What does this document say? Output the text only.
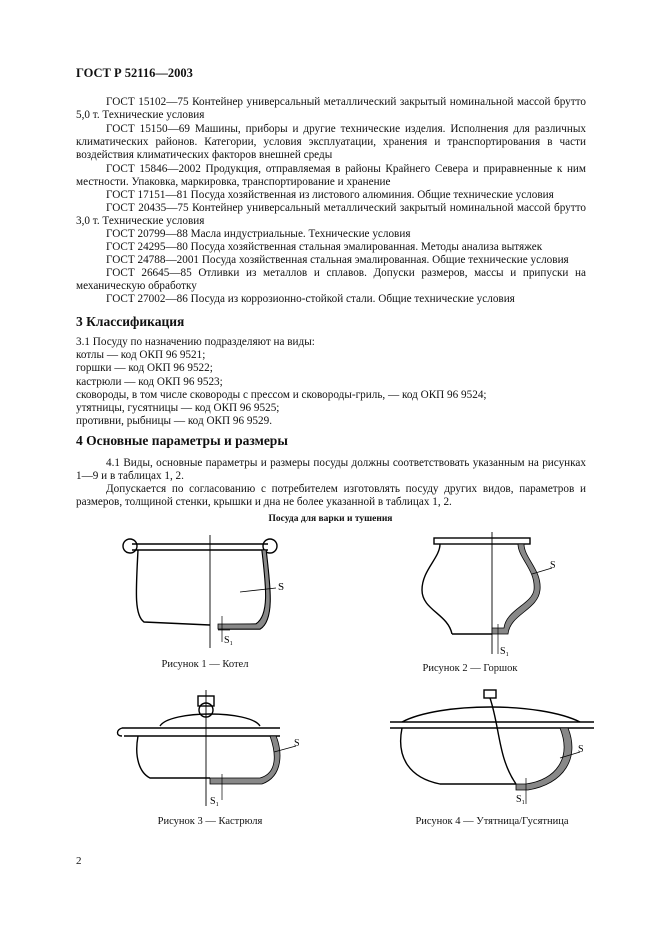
ГОСТ Р 52116—2003
ГОСТ 15102—75 Контейнер универсальный металлический закрытый номинальной массой брутто 5,0 т. Технические условия
ГОСТ 15150—69 Машины, приборы и другие технические изделия. Исполнения для различных климатических районов. Категории, условия эксплуатации, хранения и транспортирования в части воздействия климатических факторов внешней среды
ГОСТ 15846—2002 Продукция, отправляемая в районы Крайнего Севера и приравненные к ним местности. Упаковка, маркировка, транспортирование и хранение
ГОСТ 17151—81 Посуда хозяйственная из листового алюминия. Общие технические условия
ГОСТ 20435—75 Контейнер универсальный металлический закрытый номинальной массой брутто 3,0 т. Технические условия
ГОСТ 20799—88 Масла индустриальные. Технические условия
ГОСТ 24295—80 Посуда хозяйственная стальная эмалированная. Методы анализа вытяжек
ГОСТ 24788—2001 Посуда хозяйственная стальная эмалированная. Общие технические условия
ГОСТ 26645—85 Отливки из металлов и сплавов. Допуски размеров, массы и припуски на механическую обработку
ГОСТ 27002—86 Посуда из коррозионно-стойкой стали. Общие технические условия
3 Классификация
3.1 Посуду по назначению подразделяют на виды:
котлы — код ОКП 96 9521;
горшки — код ОКП 96 9522;
кастрюли — код ОКП 96 9523;
сковороды, в том числе сковороды с прессом и сковороды-гриль, — код ОКП 96 9524;
утятницы, гусятницы — код ОКП 96 9525;
противни, рыбницы — код ОКП 96 9529.
4 Основные параметры и размеры
4.1 Виды, основные параметры и размеры посуды должны соответствовать указанным на рисунках 1—9 и в таблицах 1, 2.
Допускается по согласованию с потребителем изготовлять посуду других видов, параметров и размеров, толщиной стенки, крышки и дна не более указанной в таблицах 1, 2.
Посуда для варки и тушения
S
S₁
Рисунок 1 — Котел
S
S₁
Рисунок 2 — Горшок
S
S₁
Рисунок 3 — Кастрюля
S
S₁
Рисунок 4 — Утятница/Гусятница
2
